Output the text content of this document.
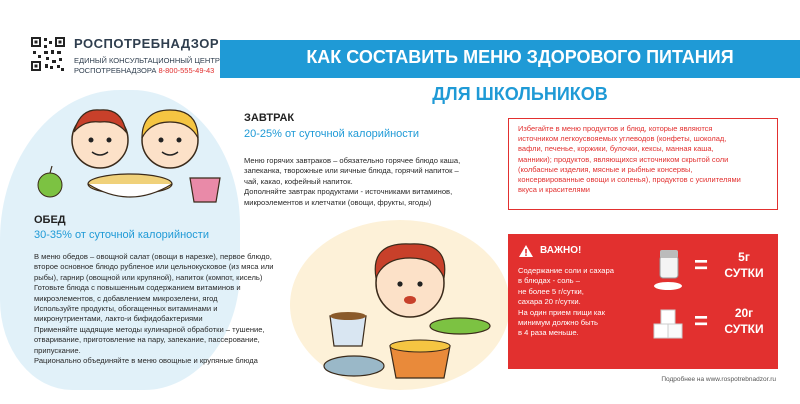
РОСПОТРЕБНАДЗОР
ЕДИНЫЙ КОНСУЛЬТАЦИОННЫЙ ЦЕНТР
РОСПОТРЕБНАДЗОРА 8-800-555-49-43
КАК СОСТАВИТЬ МЕНЮ ЗДОРОВОГО ПИТАНИЯ
ДЛЯ ШКОЛЬНИКОВ
ЗАВТРАК
20-25% от суточной калорийности
Меню горячих завтраков – обязательно горячее блюдо каша,
запеканка, творожные или яичные блюда, горячий напиток –
чай, какао, кофейный напиток.
Дополняйте завтрак продуктами - источниками витаминов,
микроэлементов и клетчатки (овощи, фрукты, ягоды)
ОБЕД
30-35% от суточной калорийности
В меню обедов – овощной салат (овощи в нарезке), первое блюдо,
второе основное блюдо рубленое или цельнокусковое (из мяса или
рыбы), гарнир (овощной или крупяной), напиток (компот, кисель)
Готовьте блюда с повышенным содержанием витаминов и
микроэлементов, с добавлением микрозелени, ягод
Используйте продукты, обогащенных витаминами и
микронутриентами, лакто-и бифидобактериями
Применяйте щадящие методы кулинарной обработки – тушение,
отваривание, приготовление на пару, запекание, пассерование,
припускание.
Рационально объединяйте в меню овощные и крупяные блюда
Избегайте в меню продуктов и блюд, которые являются
источником легкоусвояемых углеводов (конфеты, шоколад,
вафли, печенье, коржики, булочки, кексы, манная каша,
манники); продуктов, являющихся источником скрытой соли
(колбасные изделия, мясные и рыбные консервы,
консервированные овощи и соленья), продуктов с усилителями
вкуса и красителями
ВАЖНО!
Содержание соли и сахара
в блюдах - соль –
не более 5 г/сутки,
сахара 20 г/сутки.
На один прием пищи как
минимум должно быть
в 4 раза меньше.
=	5г
СУТКИ
=	20г
СУТКИ
Подробнее на www.rospotrebnadzor.ru
